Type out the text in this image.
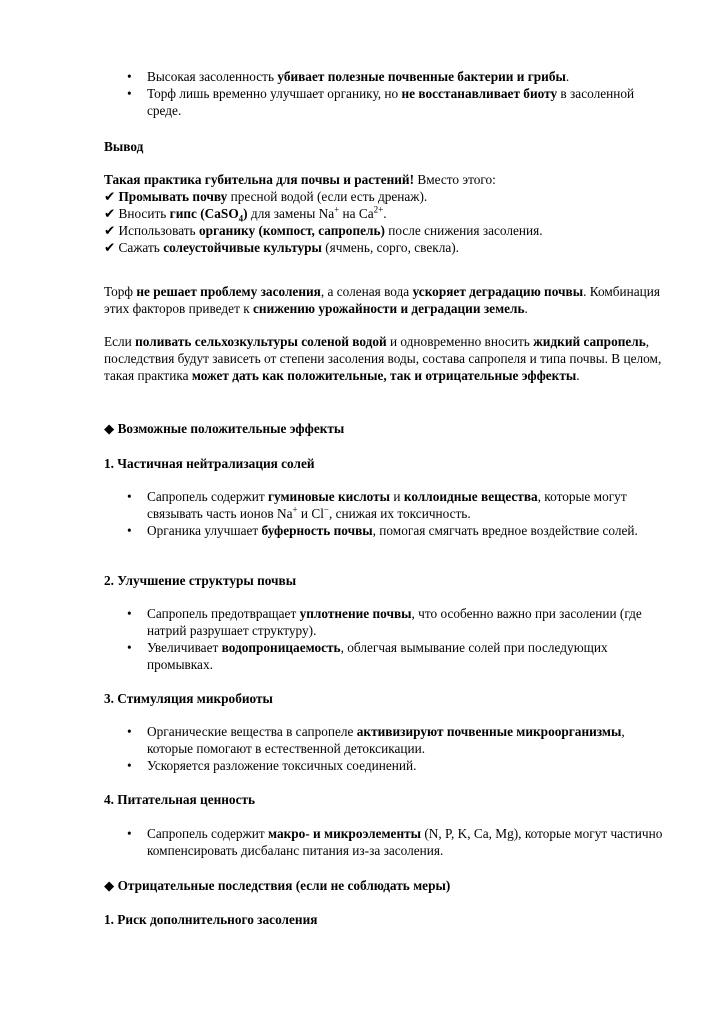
• Высокая засоленность убивает полезные почвенные бактерии и грибы.
• Торф лишь временно улучшает органику, но не восстанавливает биоту в засоленной среде.

Вывод

Такая практика губительна для почвы и растений! Вместо этого:

✔ Промывать почву пресной водой (если есть дренаж).

✔ Вносить гипс (CaSO$_4$) для замены Na+ на $Ca^{2+}$.

✔ Использовать органику (компост, сапропель) после снижения засоления.

✔ Сажать солеустойчивые культуры (ячмень, сорго, свекла).

Торф не решает проблему засоления, а соленая вода ускоряет деградацию почвы. Комбинация этих факторов приведет к снижению урожайности и деградации земель.

Если поливать сельхозкультуры соленой водой и одновременно вносить жидкий сапропель, последствия будут зависеть от степени засоления воды, состава сапропеля и типа почвы. В целом, такая практика может дать как положительные, так и отрицательные эффекты.

◆ Возможные положительные эффекты

1. Частичная нейтрализация солей

• Сапропель содержит гуминовые кислоты и коллоидные вещества, которые могут связывать часть ионов Na+ и Cl−, снижая их токсичность.
• Органика улучшает буферность почвы, помогая смягчать вредное воздействие солей.

2. Улучшение структуры почвы

• Сапропель предотвращает уплотнение почвы, что особенно важно при засолении (где натрий разрушает структуру).
• Увеличивает водопроницаемость, облегчая вымывание солей при последующих промывках.

3. Стимуляция микробиоты

• Органические вещества в сапропеле активизируют почвенные микроорганизмы, которые помогают в естественной детоксикации.
• Ускоряется разложение токсичных соединений.

4. Питательная ценность

• Сапропель содержит макро- и микроэлементы (N, P, K, Ca, Mg), которые могут частично компенсировать дисбаланс питания из-за засоления.

◆ Отрицательные последствия (если не соблюдать меры)

1. Риск дополнительного засоления
